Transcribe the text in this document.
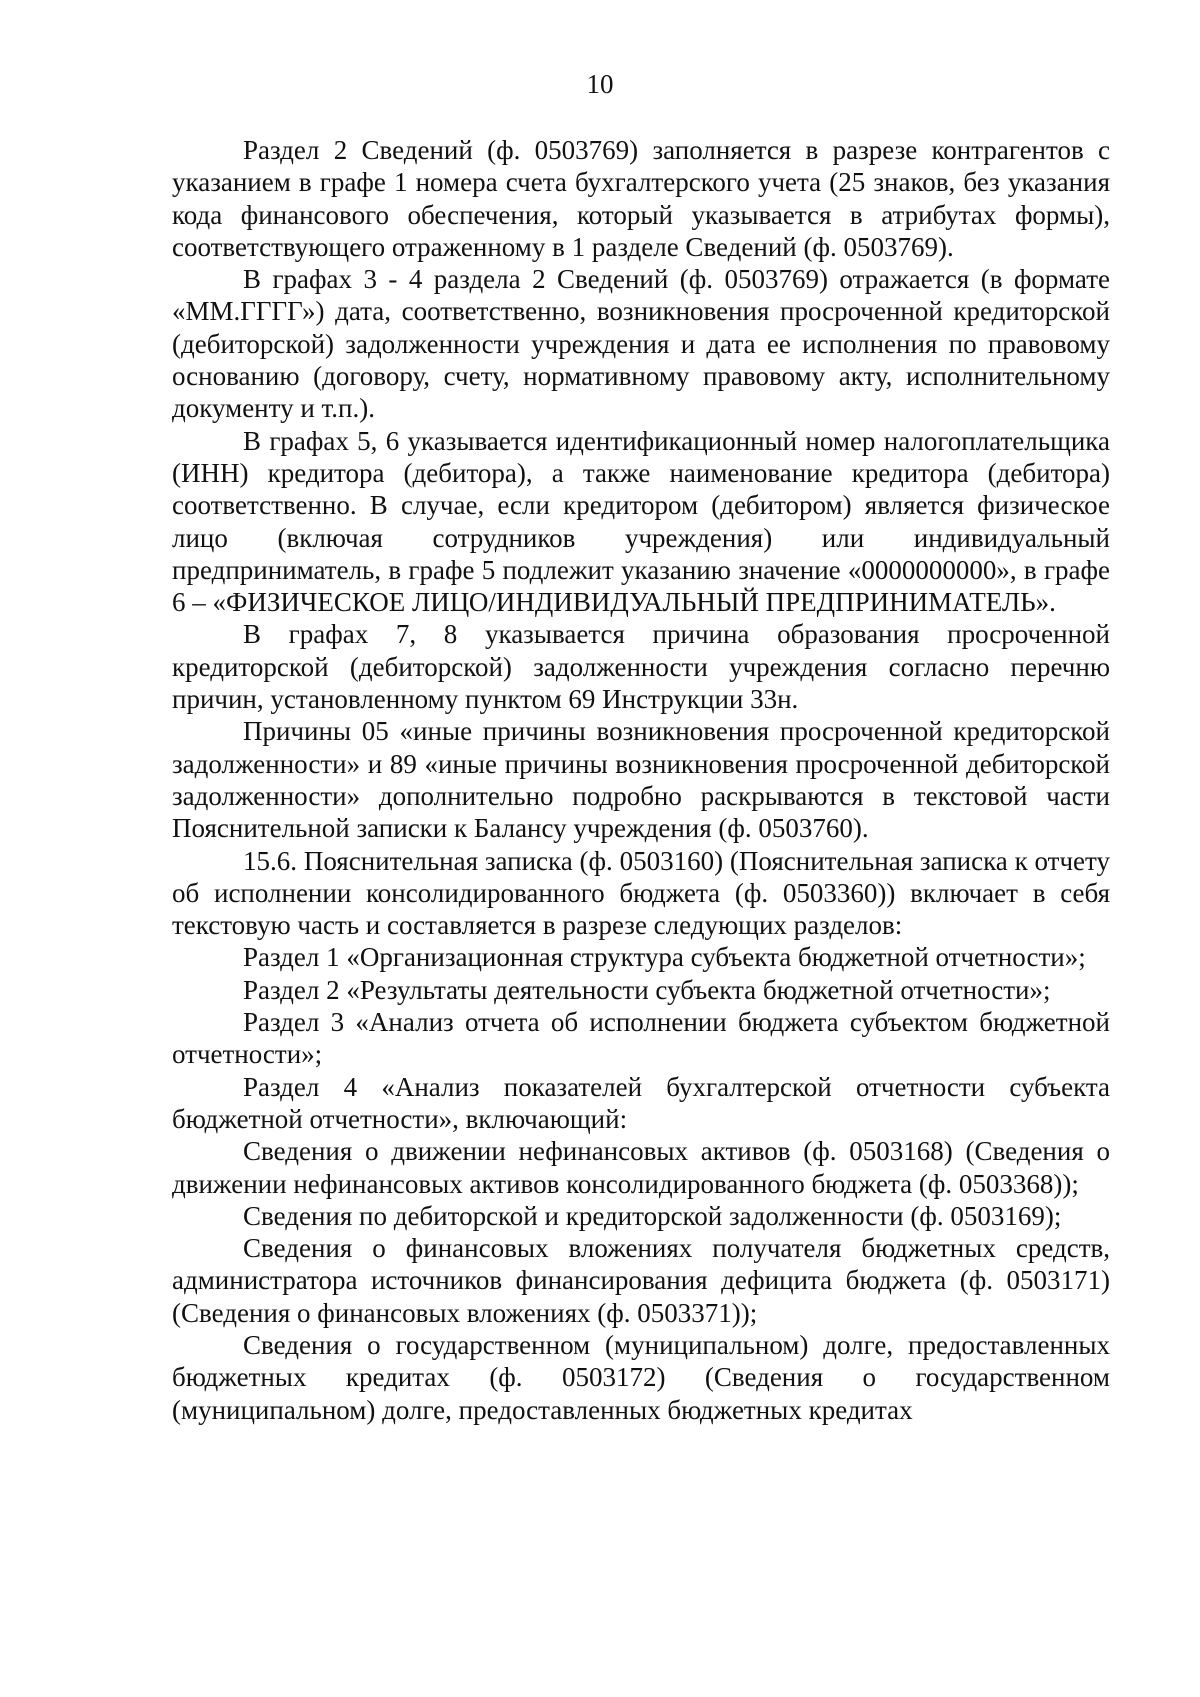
10

Раздел 2 Сведений (ф. 0503769) заполняется в разрезе контрагентов с указанием в графе 1 номера счета бухгалтерского учета (25 знаков, без указания кода финансового обеспечения, который указывается в атрибутах формы), соответствующего отраженному в 1 разделе Сведений (ф. 0503769).

В графах 3 - 4 раздела 2 Сведений (ф. 0503769) отражается (в формате «ММ.ГГГГ») дата, соответственно, возникновения просроченной кредиторской (дебиторской) задолженности учреждения и дата ее исполнения по правовому основанию (договору, счету, нормативному правовому акту, исполнительному документу и т.п.).

В графах 5, 6 указывается идентификационный номер налогоплательщика (ИНН) кредитора (дебитора), а также наименование кредитора (дебитора) соответственно. В случае, если кредитором (дебитором) является физическое лицо (включая сотрудников учреждения) или индивидуальный предприниматель, в графе 5 подлежит указанию значение «0000000000», в графе 6 – «ФИЗИЧЕСКОЕ ЛИЦО/ИНДИВИДУАЛЬНЫЙ ПРЕДПРИНИМАТЕЛЬ».

В графах 7, 8 указывается причина образования просроченной кредиторской (дебиторской) задолженности учреждения согласно перечню причин, установленному пунктом 69 Инструкции 33н.

Причины 05 «иные причины возникновения просроченной кредиторской задолженности» и 89 «иные причины возникновения просроченной дебиторской задолженности» дополнительно подробно раскрываются в текстовой части Пояснительной записки к Балансу учреждения (ф. 0503760).

15.6. Пояснительная записка (ф. 0503160) (Пояснительная записка к отчету об исполнении консолидированного бюджета (ф. 0503360)) включает в себя текстовую часть и составляется в разрезе следующих разделов:

Раздел 1 «Организационная структура субъекта бюджетной отчетности»;

Раздел 2 «Результаты деятельности субъекта бюджетной отчетности»;

Раздел 3 «Анализ отчета об исполнении бюджета субъектом бюджетной отчетности»;

Раздел 4 «Анализ показателей бухгалтерской отчетности субъекта бюджетной отчетности», включающий:

Сведения о движении нефинансовых активов (ф. 0503168) (Сведения о движении нефинансовых активов консолидированного бюджета (ф. 0503368));

Сведения по дебиторской и кредиторской задолженности (ф. 0503169);

Сведения о финансовых вложениях получателя бюджетных средств, администратора источников финансирования дефицита бюджета (ф. 0503171) (Сведения о финансовых вложениях (ф. 0503371));

Сведения о государственном (муниципальном) долге, предоставленных бюджетных кредитах (ф. 0503172) (Сведения о государственном (муниципальном) долге, предоставленных бюджетных кредитах
